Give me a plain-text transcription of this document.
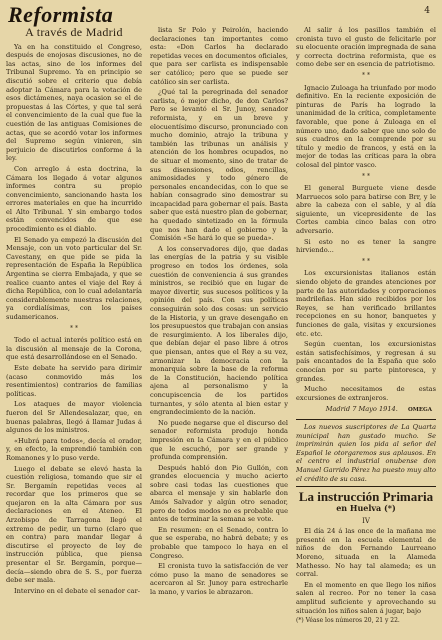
Reformista	4
A través de Madrid

Ya en ha constituido el Congreso, después de enojosas discusiones, no de las actas, sino de los informes del Tribunal Supremo. Ya en principio se discutió sobre el criterio que debía adoptar la Cámara para la votación de esos dictámenes, naya ocasion se el de propuestas á las Córtes, y que tal será el convencimiento de la cual que fue la cuestión de las antiguas Comisiones de actas, que se acordó votar los informes del Supremo según vinieren, sin perjuicio de discutirlos conforme á la ley.

Con arreglo á esta doctrina, la Cámara los llegado á votar algunos informes contra su propio convencimiento, sancionando hasta los errores materiales en que ha incurrido el Alto Tribunal. Y sin embargo todos están convencidos de que ese procedimiento es el diablo.

El Senado ya empezó la discusión del Mensaje, con un voto particular del Sr. Cavestany, en que pide se pida la representación de España la República Argentina se cierra Embajada, y que se realice cuanto antes el viaje del Rey á dicha República, con lo cual adelantaría considerablemente nuestras relaciones, ya cordialísimas, con los países sudamericanos.

* *

Todo el actual interés político está en la discusión al mensaje de la Corona, que está desarrollándose en el Senado.

Este debate ha servido para dirimir (acaso conmovido más los resentimientos) contrarios de familias políticas.

Los ataques de mayor violencia fueron del Sr Allendesalazar, que, en buenas palabras, llegó á llamar Judas á algunos de los ministros.

«Hubrá para todos», decía el orador, y, en efecto, la emprendió también con Romanones y lo puso verde.

Luego el debate se elevó hasta la cuestión religiosa, tomando que sir el Sr. Bergamín repetidas veces al recordar que los primeros que se quejaron en la alta Cámara por sus declaraciones en el Ateneo. El Arzobispo de Tarragona llegó el extremo de pedir, un turno (claro que en contra) para mandar llegar á discutirse el proyecto de ley de instrucción pública, que piensa presentar el Sr. Bergamín, porque—decía—siendo obra de S. S., por fuerza debe ser mala.

Intervino en el debate el senador car-

lista Sr Polo y Peirolón, haciendo declaraciones tan importantes como esta: «Don Carlos ha declarado repetidas veces en documentos oficiales, que para ser carlista es indispensable ser católico; pero que se puede ser católico sin ser carlista.

¿Qué tal la peregrinada del senador carlista, ó mejor dicho, de don Carlos? Pero se levantó el Sr. Junoy, senador reformista, y en un breve y elocuentísimo discurso, pronunciado con mucho dominio, atrajo la tribuna y también las tribunas un análisis y atención de los hombres ocupados, no de situar el momento, sino de tratar de sus disensiones, odios, rencillas, animosidades y todo género de personales encandecidas, con lo que se habían consagrado sino demostrar su incapacidad para gobernar el país. Basta saber que está nuestro plan de gobernar, ha quedado sintetizado en la fórmula que nos han dado el gobierno y la Comisión «Se hará lo que se pueda».

A los conservadores dijo, que dadas las energías de la patria y su visible progreso en todos los órdenes, sola cuestión de conveniencia á sus grandes ministros, se recibió que en lugar de mayor divertir, sus sucesos políticos y la opinión del país. Con sus políticas conseguirán solo dos cosas: un servicio de la Historia, y un grave desengaño en los presupuestos que trabajan con ansias de resurgimiento. A los liberales dijo, que debían dejar el paso libre á otros que piensan, antes que el Rey a su vez, armonizar la democracia con la monarquía sobre la base de la reforma de la Constitución, haciendo política ajena al personalismo y la concupiscencia de los partidos turnantes, y sólo atenta al bien estar y engrandecimiento de la nación.

No puede negarse que el discurso del senador reformista produjo honda impresión en la Cámara y en el público que le escuchó, por ser grande y profunda comprensión.

Después habló don Pio Gullón, con grandes elocuencia y mucho acierto sobre casi todas las cuestiones que abarca el mensaje y sin hablarle don Amós Salvador y algún otro senador, pero de todos modos no es probable que antes de terminar la semana se vote.

En resumen: en el Senado, contra lo que se esperaba, no habrá debate; y es probable que tampoco lo haya en el Congreso.

El cronista tuvo la satisfacción de ver cómo puso la mano de senadores se acercaron al Sr. Junoy para estrecharle la mano, y varios le abrazaron.

Al salir á los pasillos también el cronista tuvo el gusto de felicitarle por su elocuente oración impregnada de sana y correcta doctrina reformista, que es como debe ser en esencia de patriotismo.

* *

Ignacio Zuloaga ha triunfado por modo definitivo. En la reciente exposición de pinturas de París ha logrado la unanimidad de la crítica, completamente favorable, que pone á Zuloaga en el número uno, dado saber que uno solo de sus cuadros en la comprende por su título y medio de francos, y está en la mejor de todas las críticas para la obra colosal del pintor vasco.

* *

El general Burguete viene desde Marruecos solo para batirse con Brr, y le abre la cabeza con el sable, y al día siguiente, un vicepresidente de las Cortes cambia cinco balas con otro adversario.

Si esto no es tener la sangre hirviendo...

* *

Los excursionistas italianos están siendo objeto de grandes atenciones por parte de las autoridades y corporaciones madrileñas. Han sido recibidos por los Reyes, se han verificado brillantes recepciones en su honor, banquetes y funciones de gala, visitas y excursiones etc. etc.

Según cuentan, los excursionistas están satisfechísimos, y regresan á su país encantados de la España que solo conocían por su parte pintoresca, y grandes.

Mucho necesitamos de estas excursiones de extranjeros.

Madrid 7 Mayo 1914. OMEGA

Los nuevos suscriptores de La Quarta municipal han gustado mucho. Se imprimirán quien los pida al señor del Español le otorgaremos sus aplausos. En el centro el industrial onubense don Manuel Garrido Pérez ha puesto muy alto el crédito de su casa.

La instrucción Primaria
en Huelva (*)
IV

El día 24 á las once de la mañana me presenté en la escuela elemental de niños de don Fernando Laurreano Moreno, situada en la Alameda Mathesso. No hay tal alameda; es un corral.

En el momento en que llego los niños salen al recreo. Por no tener la casa amplitud suficiente y aprovechando su situación los niños salen á jugar, bajo

(*) Véase los números 20, 21 y 22.
